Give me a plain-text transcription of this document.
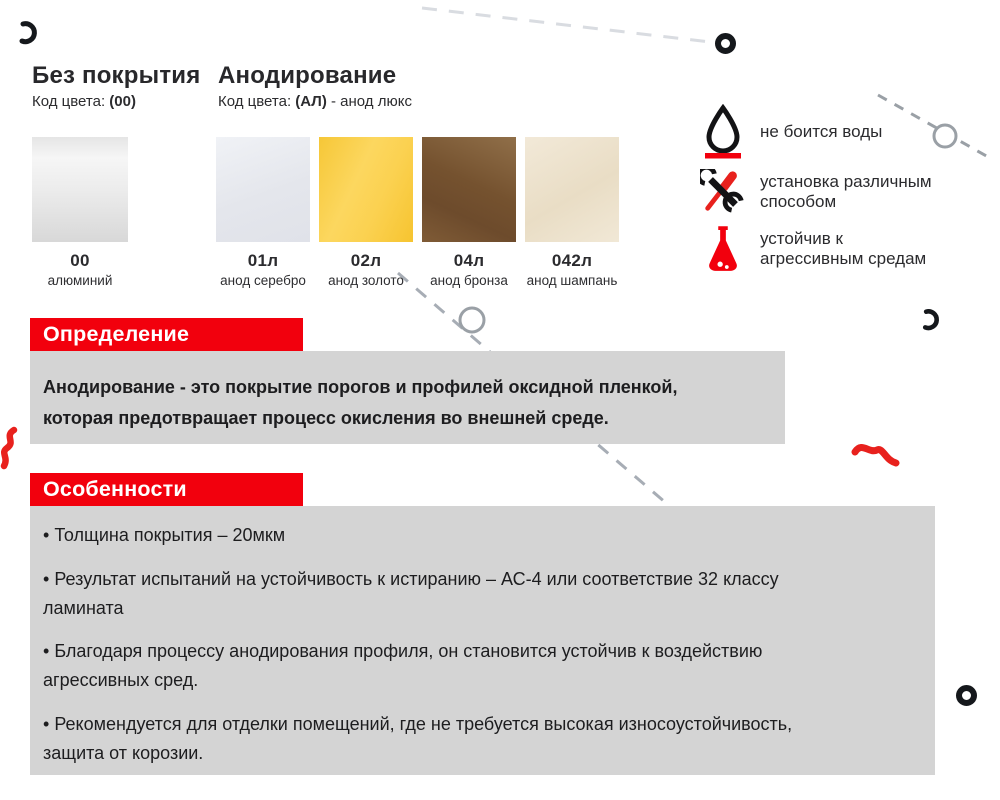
Без покрытия
Код цвета: (00)
Анодирование
Код цвета: (АЛ) - анод люкс
00
алюминий
01л
анод серебро
02л
анод золото
04л
анод бронза
042л
анод шампань
не боится воды
установка различным
способом
устойчив к
агрессивным средам
Определение
Анодирование - это покрытие порогов и профилей оксидной пленкой,
которая предотвращает процесс окисления во внешней среде.
Особенности

• Толщина покрытия – 20мкм

• Результат испытаний на устойчивость к истиранию – АС-4 или соответствие 32 классу
ламината

• Благодаря процессу анодирования профиля, он становится устойчив к воздействию
агрессивных сред.

• Рекомендуется для отделки помещений, где не требуется высокая износоустойчивость,
защита от корозии.
